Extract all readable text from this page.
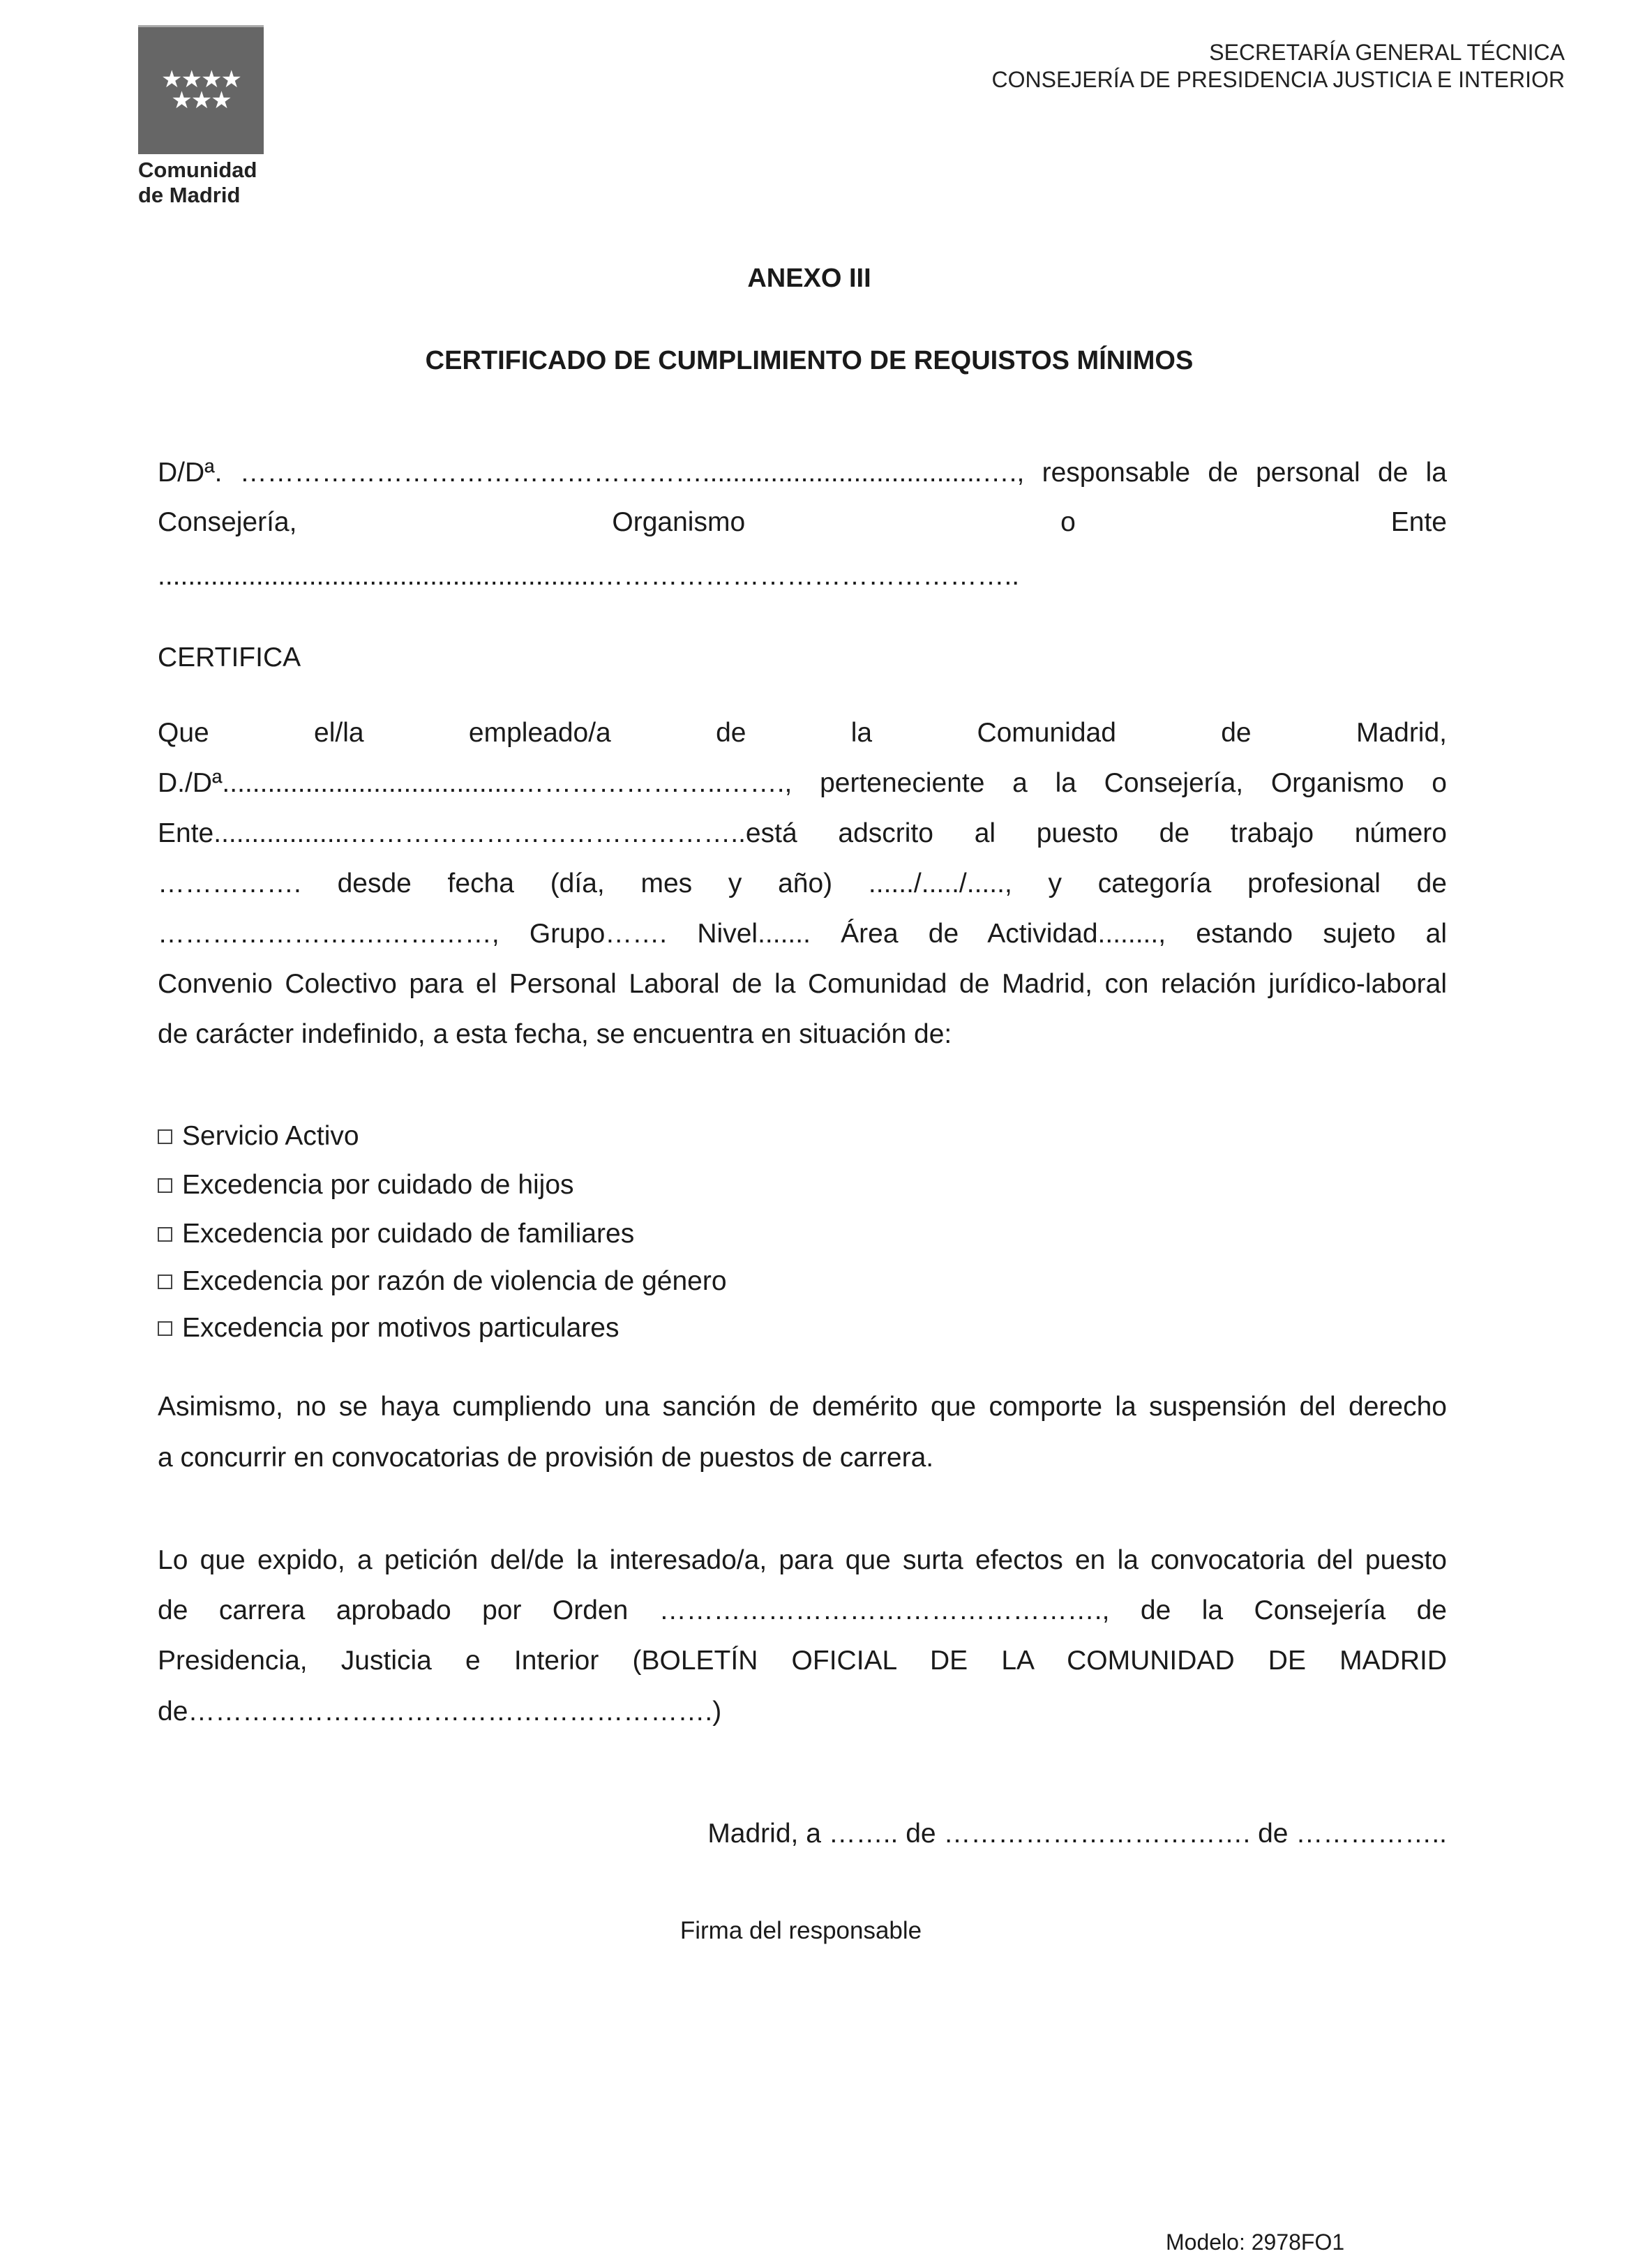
★★★★
★★★
Comunidad
de Madrid
SECRETARÍA GENERAL TÉCNICA
CONSEJERÍA DE PRESIDENCIA JUSTICIA E INTERIOR
ANEXO III
CERTIFICADO DE CUMPLIMIENTO DE REQUISTOS MÍNIMOS
D/Dª. …………………………………………….....................................…., responsable de personal de la
Consejería, Organismo o Ente
..........................................................………………………………………..
CERTIFICA
Que el/la empleado/a de la Comunidad de Madrid,
D./Dª.......................................…………………..……., perteneciente a la Consejería, Organismo o
Ente..................……………………………………..está adscrito al puesto de trabajo número
……………. desde fecha (día, mes y año) ....../...../....., y categoría profesional de
…………………….…………, Grupo……. Nivel....... Área de Actividad........, estando sujeto al
Convenio Colectivo para el Personal Laboral de la Comunidad de Madrid, con relación jurídico-laboral
de carácter indefinido, a esta fecha, se encuentra en situación de:
Servicio Activo
Excedencia por cuidado de hijos
Excedencia por cuidado de familiares
Excedencia por razón de violencia de género
Excedencia por motivos particulares
Asimismo, no se haya cumpliendo una sanción de demérito que comporte la suspensión del derecho
a concurrir en convocatorias de provisión de puestos de carrera.
Lo que expido, a petición del/de la interesado/a, para que surta efectos en la convocatoria del puesto
de carrera aprobado por Orden …………………………………………., de la Consejería de
Presidencia, Justicia e Interior (BOLETÍN OFICIAL DE LA COMUNIDAD DE MADRID
de………………………………………………….)
Madrid, a …….. de ……………………………. de ……………..
Firma del responsable
Modelo: 2978FO1
